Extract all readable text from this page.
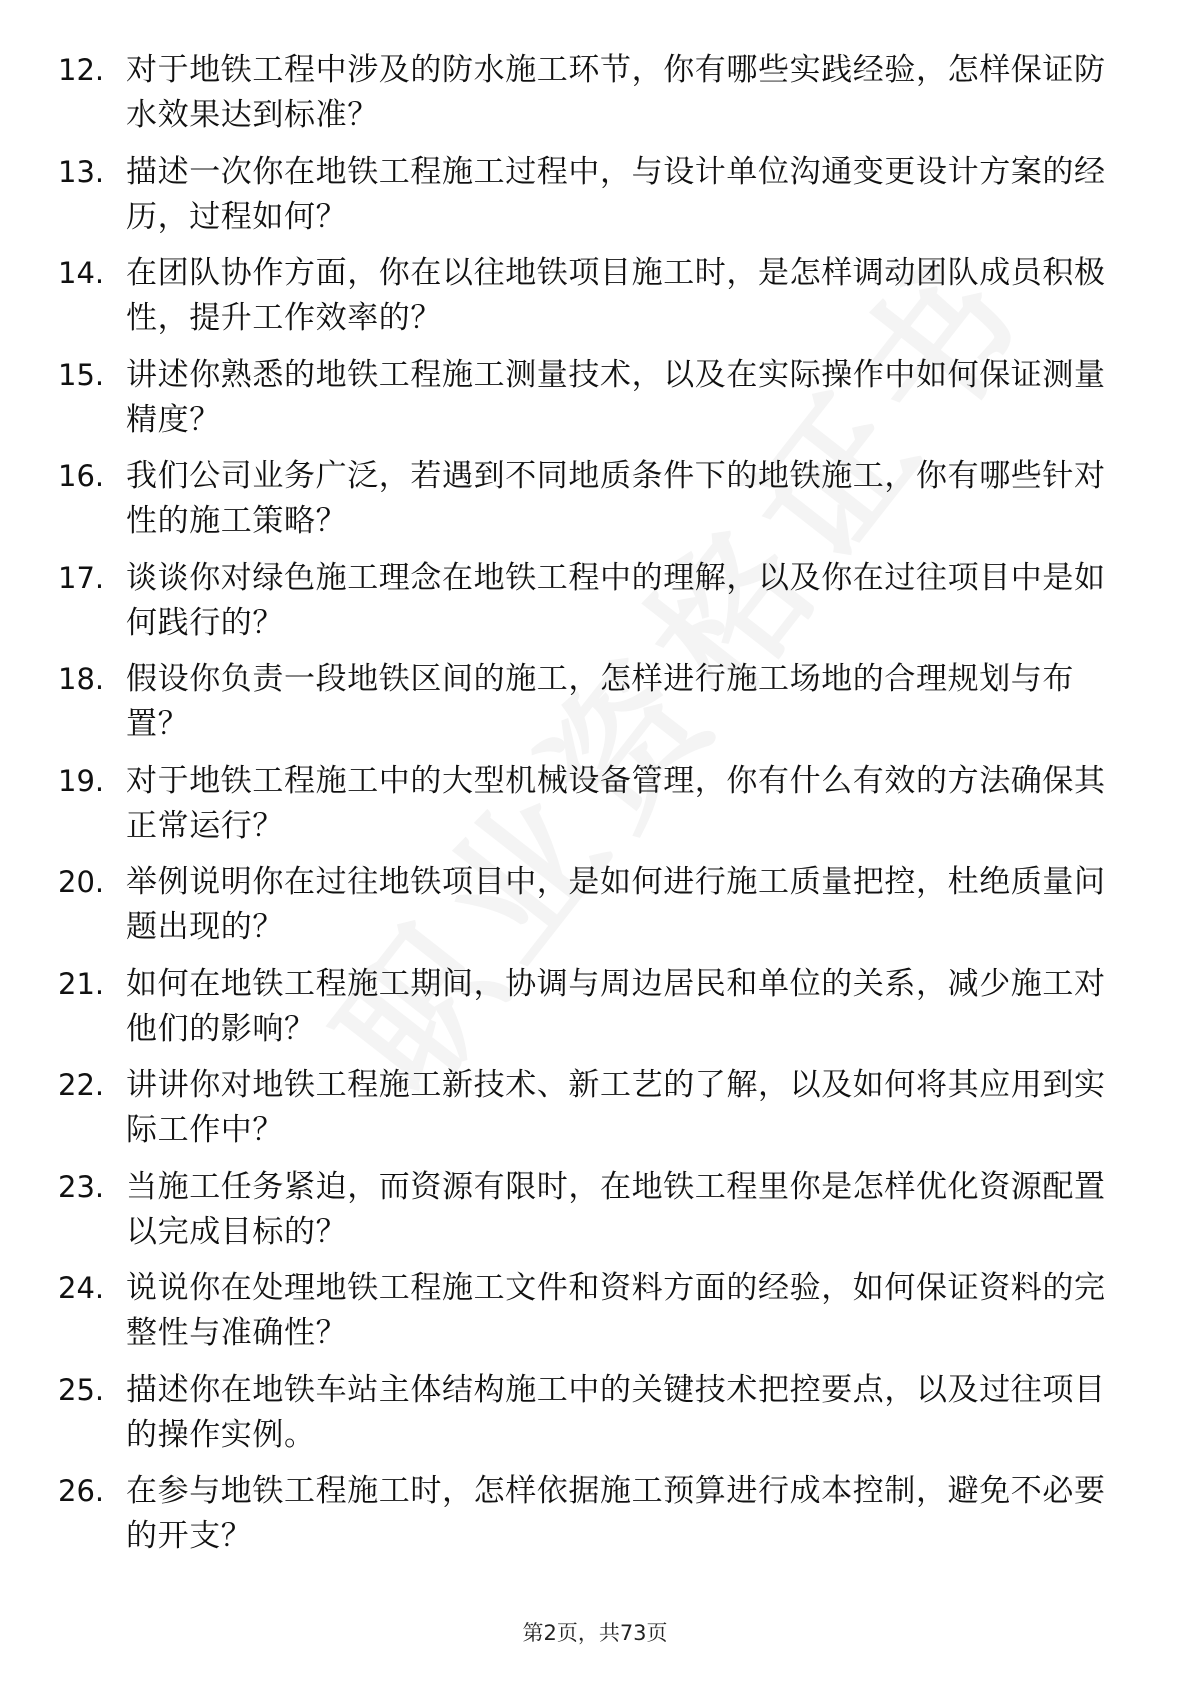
12. 对于地铁工程中涉及的防水施工环节，你有哪些实践经验，怎样保证防水效果达到标准？
13. 描述一次你在地铁工程施工过程中，与设计单位沟通变更设计方案的经历，过程如何？
14. 在团队协作方面，你在以往地铁项目施工时，是怎样调动团队成员积极性，提升工作效率的？
15. 讲述你熟悉的地铁工程施工测量技术，以及在实际操作中如何保证测量精度？
16. 我们公司业务广泛，若遇到不同地质条件下的地铁施工，你有哪些针对性的施工策略？
17. 谈谈你对绿色施工理念在地铁工程中的理解，以及你在过往项目中是如何践行的？
18. 假设你负责一段地铁区间的施工，怎样进行施工场地的合理规划与布置？
19. 对于地铁工程施工中的大型机械设备管理，你有什么有效的方法确保其正常运行？
20. 举例说明你在过往地铁项目中，是如何进行施工质量把控，杜绝质量问题出现的？
21. 如何在地铁工程施工期间，协调与周边居民和单位的关系，减少施工对他们的影响？
22. 讲讲你对地铁工程施工新技术、新工艺的了解，以及如何将其应用到实际工作中？
23. 当施工任务紧迫，而资源有限时，在地铁工程里你是怎样优化资源配置以完成目标的？
24. 说说你在处理地铁工程施工文件和资料方面的经验，如何保证资料的完整性与准确性？
25. 描述你在地铁车站主体结构施工中的关键技术把控要点，以及过往项目的操作实例。
26. 在参与地铁工程施工时，怎样依据施工预算进行成本控制，避免不必要的开支？
第2页，共73页
